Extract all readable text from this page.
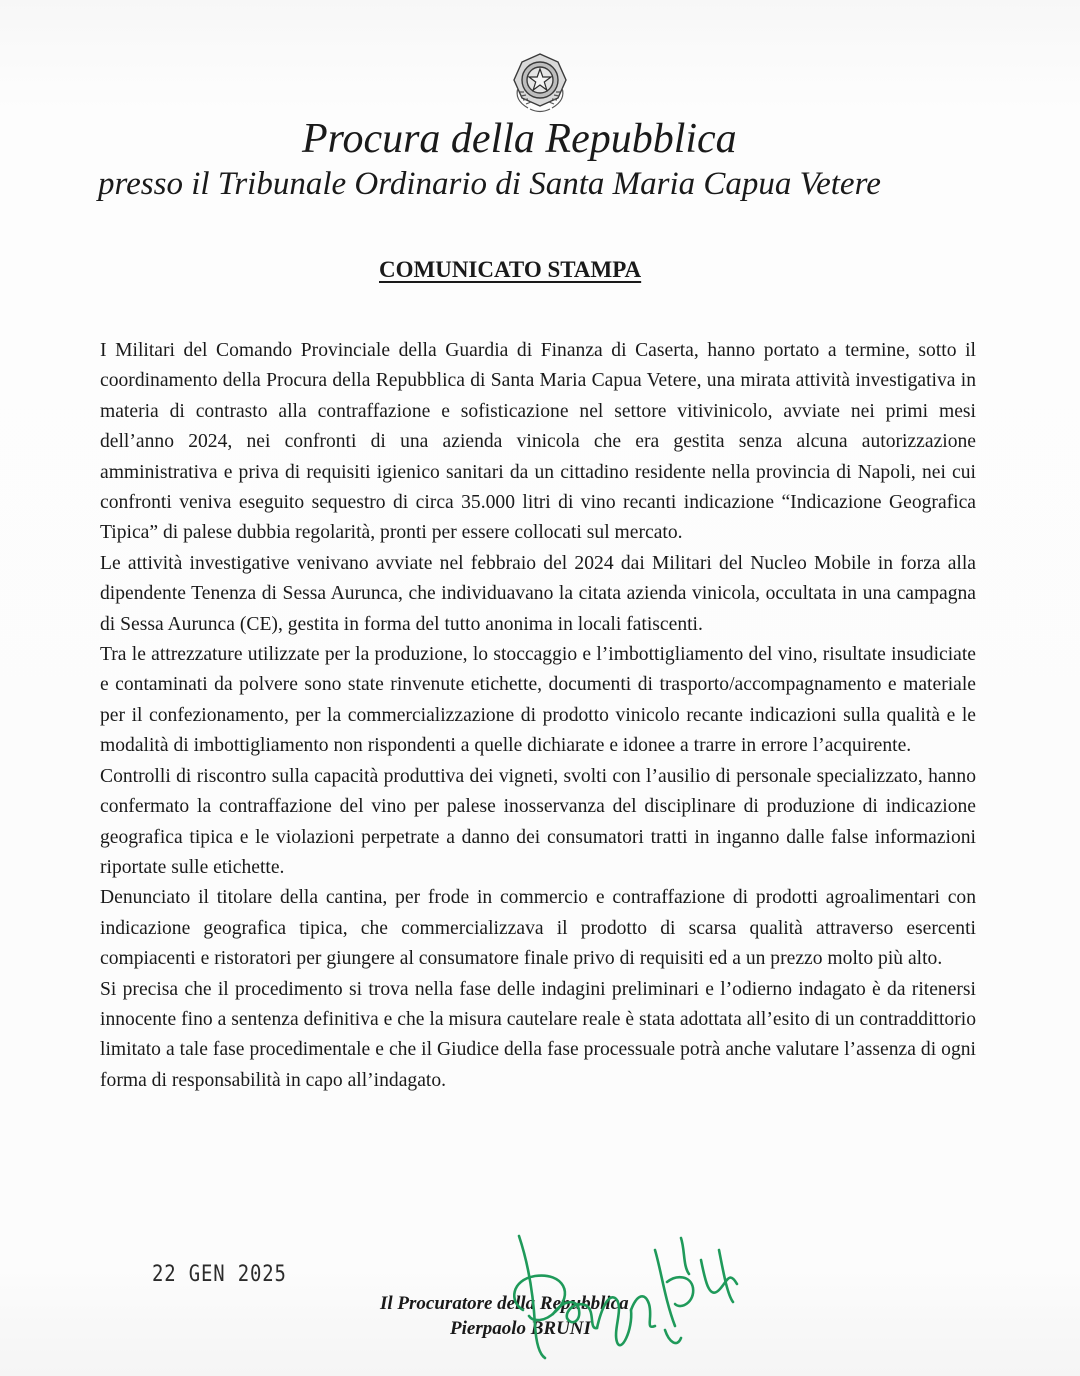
Procura della Repubblica
presso il Tribunale Ordinario di Santa Maria Capua Vetere
COMUNICATO STAMPA

I Militari del Comando Provinciale della Guardia di Finanza di Caserta, hanno portato a termine, sotto il coordinamento della Procura della Repubblica di Santa Maria Capua Vetere, una mirata attività investigativa in materia di contrasto alla contraffazione e sofisticazione nel settore vitivinicolo, avviate nei primi mesi dell’anno 2024, nei confronti di una azienda vinicola che era gestita senza alcuna autorizzazione amministrativa e priva di requisiti igienico sanitari da un cittadino residente nella provincia di Napoli, nei cui confronti veniva eseguito sequestro di circa 35.000 litri di vino recanti indicazione “Indicazione Geografica Tipica” di palese dubbia regolarità, pronti per essere collocati sul mercato.

Le attività investigative venivano avviate nel febbraio del 2024 dai Militari del Nucleo Mobile in forza alla dipendente Tenenza di Sessa Aurunca, che individuavano la citata azienda vinicola, occultata in una campagna di Sessa Aurunca (CE), gestita in forma del tutto anonima in locali fatiscenti.

Tra le attrezzature utilizzate per la produzione, lo stoccaggio e l’imbottigliamento del vino, risultate insudiciate e contaminati da polvere sono state rinvenute etichette, documenti di trasporto/accompagnamento e materiale per il confezionamento, per la commercializzazione di prodotto vinicolo recante indicazioni sulla qualità e le modalità di imbottigliamento non rispondenti a quelle dichiarate e idonee a trarre in errore l’acquirente.

Controlli di riscontro sulla capacità produttiva dei vigneti, svolti con l’ausilio di personale specializzato, hanno confermato la contraffazione del vino per palese inosservanza del disciplinare di produzione di indicazione geografica tipica e le violazioni perpetrate a danno dei consumatori tratti in inganno dalle false informazioni riportate sulle etichette.

Denunciato il titolare della cantina, per frode in commercio e contraffazione di prodotti agroalimentari con indicazione geografica tipica, che commercializzava il prodotto di scarsa qualità attraverso esercenti compiacenti e ristoratori per giungere al consumatore finale privo di requisiti ed a un prezzo molto più alto.

Si precisa che il procedimento si trova nella fase delle indagini preliminari e l’odierno indagato è da ritenersi innocente fino a sentenza definitiva e che la misura cautelare reale è stata adottata all’esito di un contraddittorio limitato a tale fase procedimentale e che il Giudice della fase processuale potrà anche valutare l’assenza di ogni forma di responsabilità in capo all’indagato.

22 GEN 2025
Il Procuratore della Repubblica
Pierpaolo BRUNI
